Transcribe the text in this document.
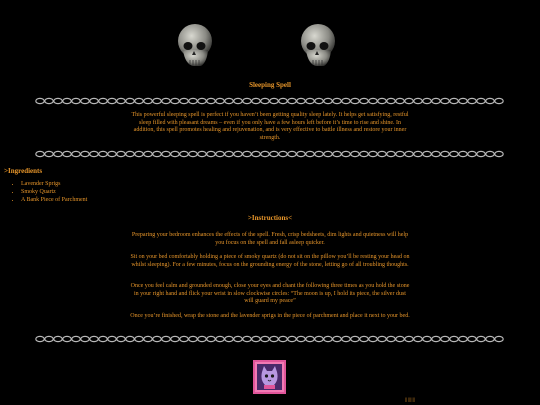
Sleeping Spell

This powerful sleeping spell is perfect if you haven’t been getting quality sleep lately. It helps get satisfying, restful sleep filled with pleasant dreams – even if you only have a few hours left before it’s time to rise and shine. In addition, this spell promotes healing and rejuvenation, and is very effective to battle illness and restore your inner strength.

>Ingredients
• Lavender Sprigs
• Smoky Quartz
• A Bank Piece of Parchment
>Instructions<

Preparing your bedroom enhances the effects of the spell. Fresh, crisp bedsheets, dim lights and quietness will help you focus on the spell and fall asleep quicker.

Sit on your bed comfortably holding a piece of smoky quartz (do not sit on the pillow you’ll be resting your head on whilst sleeping). For a few minutes, focus on the grounding energy of the stone, letting go of all troubling thoughts.

Once you feel calm and grounded enough, close your eyes and chant the following three times as you hold the stone in your right hand and flick your wrist in slow clockwise circles: “The moon is up, I hold its piece, the silver dust will guard my peace”

Once you’re finished, wrap the stone and the lavender sprigs in the piece of parchment and place it next to your bed.

||||||||
